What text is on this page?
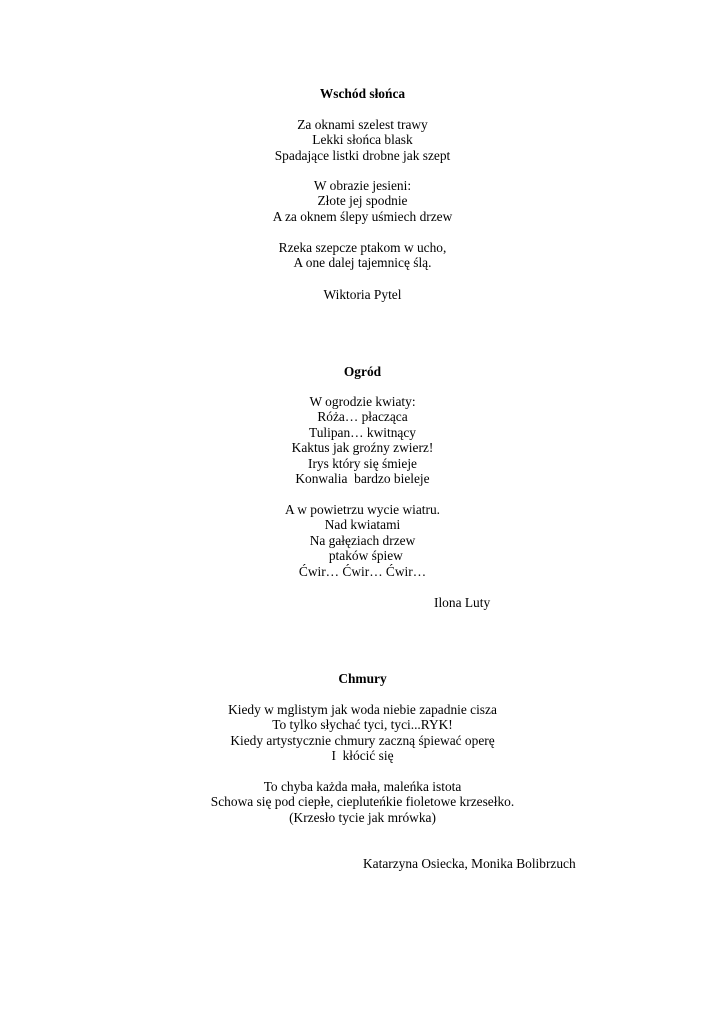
Wschód słońca
Za oknami szelest trawy
Lekki słońca blask
Spadające listki drobne jak szept
W obrazie jesieni:
Złote jej spodnie
A za oknem ślepy uśmiech drzew
Rzeka szepcze ptakom w ucho,
A one dalej tajemnicę ślą.
Wiktoria Pytel
Ogród
W ogrodzie kwiaty:
Róża… płacząca
Tulipan… kwitnący
Kaktus jak groźny zwierz!
Irys który się śmieje
Konwalia  bardzo bieleje
A w powietrzu wycie wiatru.
Nad kwiatami
Na gałęziach drzew
ptaków śpiew
Ćwir… Ćwir… Ćwir…
Ilona Luty
Chmury
Kiedy w mglistym jak woda niebie zapadnie cisza
To tylko słychać tyci, tyci...RYK!
Kiedy artystycznie chmury zaczną śpiewać operę
I  kłócić się
To chyba każda mała, maleńka istota
Schowa się pod ciepłe, ciepluteńkie fioletowe krzesełko.
(Krzesło tycie jak mrówka)
Katarzyna Osiecka, Monika Bolibrzuch
